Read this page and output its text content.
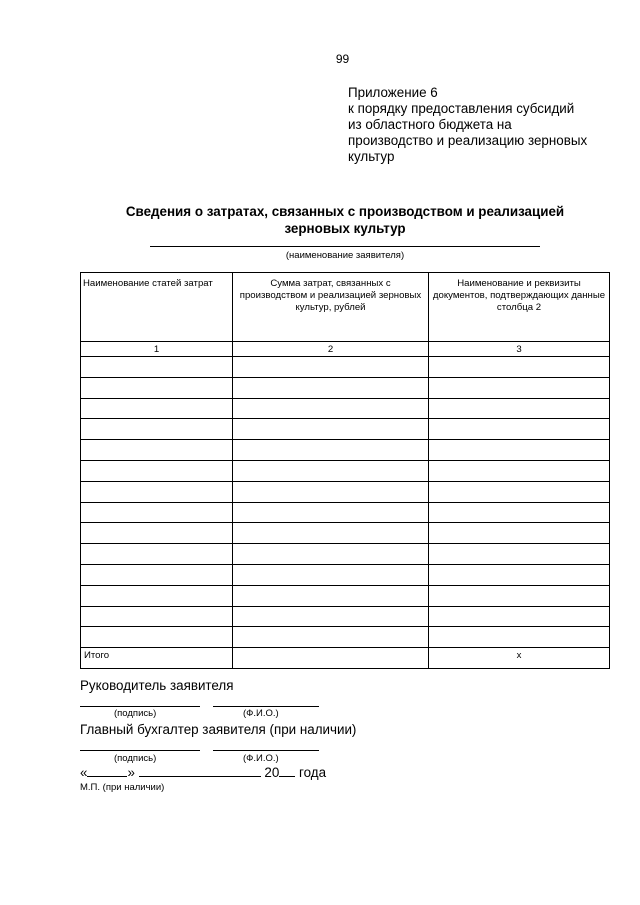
99
Приложение 6
к порядку предоставления субсидий
из областного бюджета на
производство и реализацию зерновых
культур
Сведения о затратах, связанных с производством и реализацией
зерновых культур
(наименование заявителя)
Наименование статей затрат	Сумма затрат, связанных с производством и реализацией зерновых культур, рублей	Наименование и реквизиты документов, подтверждающих данные столбца 2
1	2	3

Итого		х
Руководитель заявителя
(подпись)	(Ф.И.О.)
Главный бухгалтер заявителя (при наличии)
(подпись)	(Ф.И.О.)
«	»	20 года
М.П. (при наличии)
